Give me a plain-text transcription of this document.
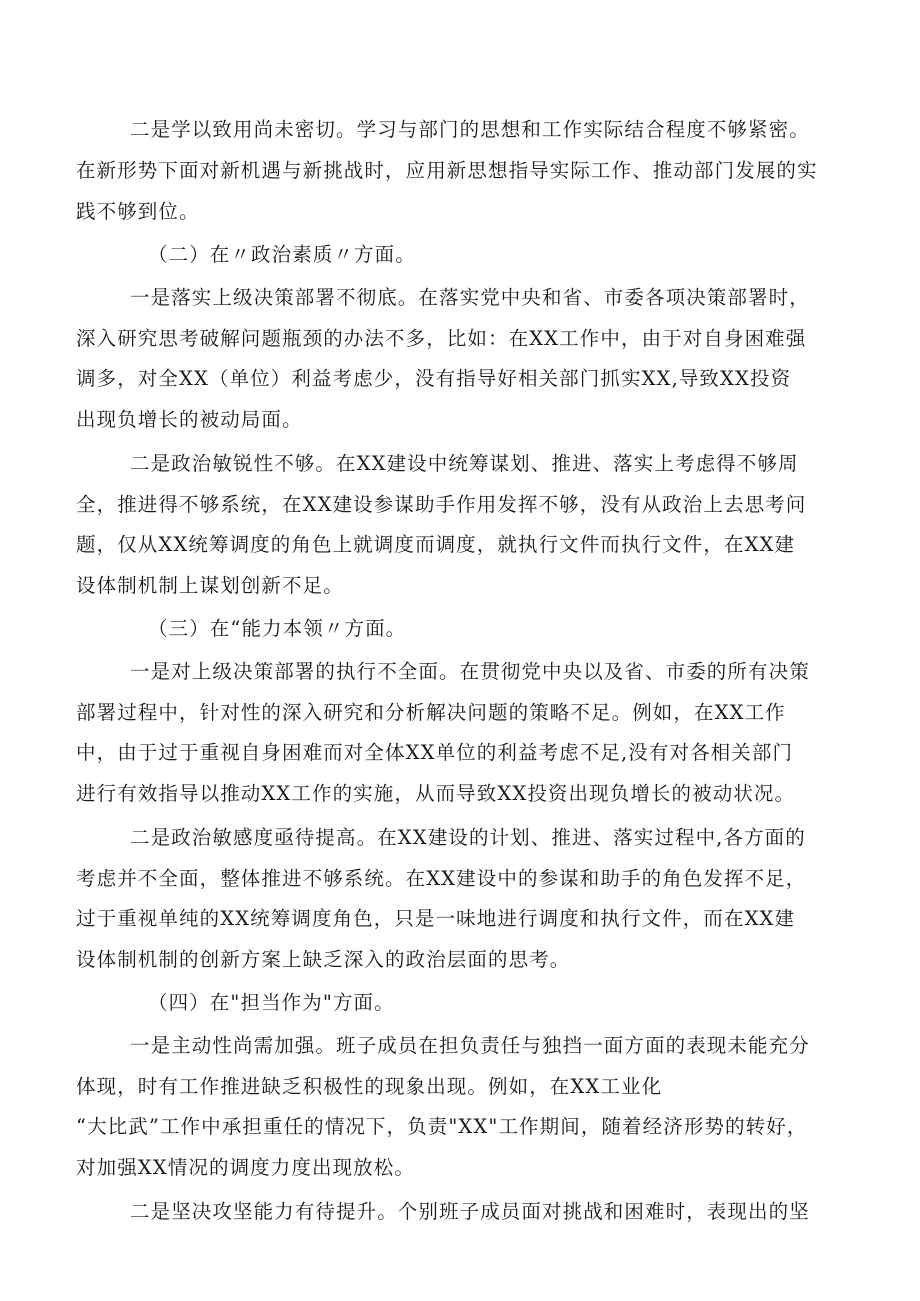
二是学以致用尚未密切。学习与部门的思想和工作实际结合程度不够紧密。
在新形势下面对新机遇与新挑战时，应用新思想指导实际工作、推动部门发展的实
践不够到位。
（二）在〃政治素质〃方面。
一是落实上级决策部署不彻底。在落实党中央和省、市委各项决策部署时，
深入研究思考破解问题瓶颈的办法不多，比如：在XX工作中，由于对自身困难强
调多，对全XX（单位）利益考虑少，没有指导好相关部门抓实XX,导致XX投资
出现负增长的被动局面。
二是政治敏锐性不够。在XX建设中统筹谋划、推进、落实上考虑得不够周
全，推进得不够系统，在XX建设参谋助手作用发挥不够，没有从政治上去思考问
题，仅从XX统筹调度的角色上就调度而调度，就执行文件而执行文件，在XX建
设体制机制上谋划创新不足。
（三）在“能力本领〃方面。
一是对上级决策部署的执行不全面。在贯彻党中央以及省、市委的所有决策
部署过程中，针对性的深入研究和分析解决问题的策略不足。例如，在XX工作
中，由于过于重视自身困难而对全体XX单位的利益考虑不足,没有对各相关部门
进行有效指导以推动XX工作的实施，从而导致XX投资出现负增长的被动状况。
二是政治敏感度亟待提高。在XX建设的计划、推进、落实过程中,各方面的
考虑并不全面，整体推进不够系统。在XX建设中的参谋和助手的角色发挥不足，
过于重视单纯的XX统筹调度角色，只是一味地进行调度和执行文件，而在XX建
设体制机制的创新方案上缺乏深入的政治层面的思考。
（四）在"担当作为"方面。
一是主动性尚需加强。班子成员在担负责任与独挡一面方面的表现未能充分
体现，时有工作推进缺乏积极性的现象出现。例如，在XX工业化
“大比武”工作中承担重任的情况下，负责"XX"工作期间，随着经济形势的转好，
对加强XX情况的调度力度出现放松。
二是坚决攻坚能力有待提升。个别班子成员面对挑战和困难时，表现出的坚
